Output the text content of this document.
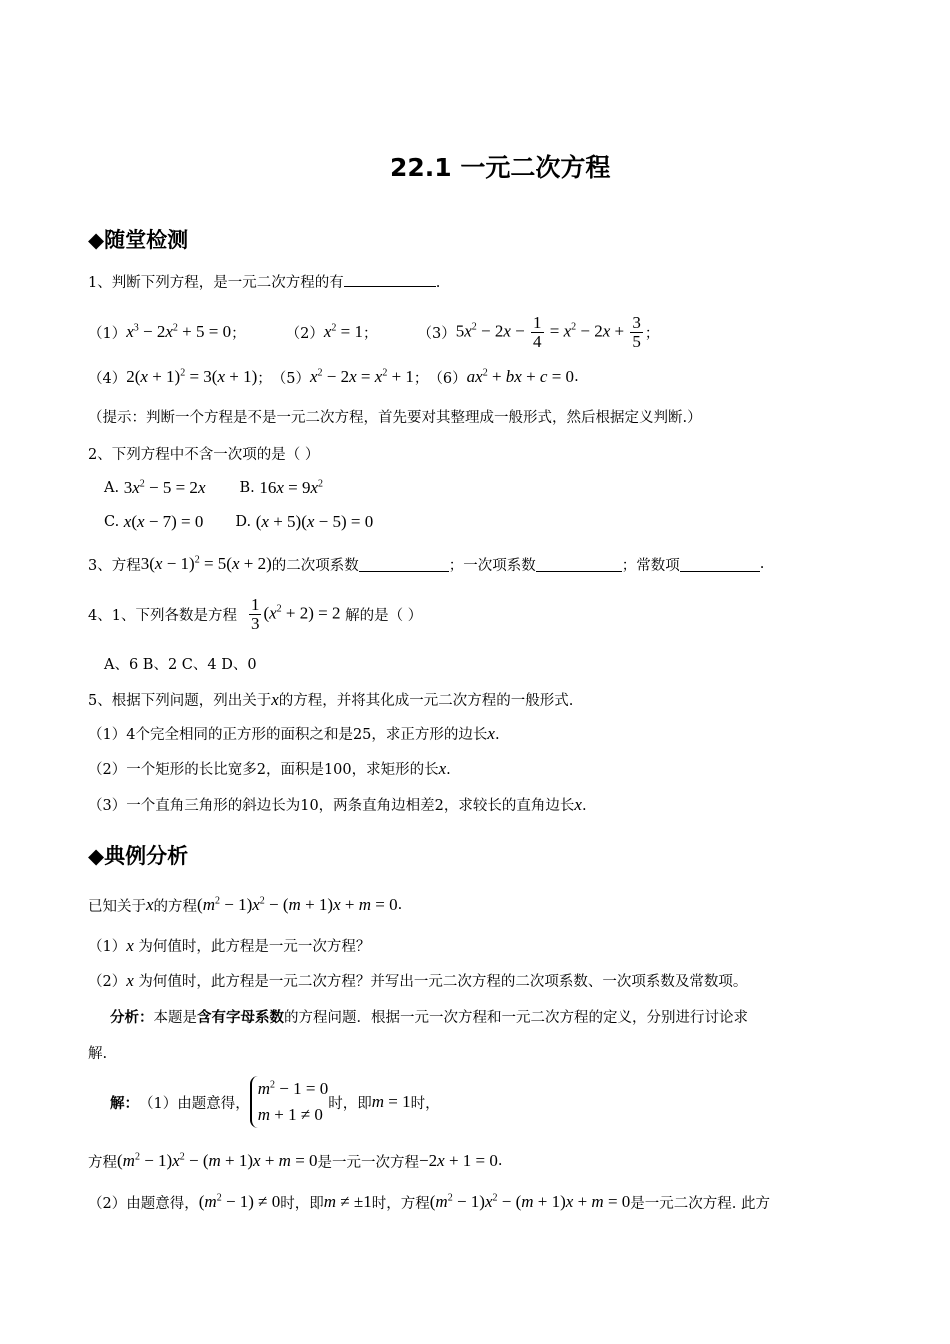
22.1 一元二次方程
◆随堂检测
1、判断下列方程，是一元二次方程的有	.
（1） $x^3 - 2x^2 + 5 = 0$ ；	（2） $x^2 = 1$ ；	（3） $5x^2 - 2x - \frac{1}{4} = x^2 - 2x + \frac{3}{5}$ ；
（4） $2(x + 1)^2 = 3(x + 1)$ ； （5） $x^2 - 2x = x^2 + 1$ ； （6） $ax^2$ + bx + c = 0 .
（提示：判断一个方程是不是一元二次方程，首先要对其整理成一般形式，然后根据定义判断.）
2、下列方程中不含一次项的是（ ）
A.
$3x^2 - 5 = 2x$ B.
$16x = 9x^2$
C.
x(x − 7) = 0 D.
(x + 5)(x − 5) = 0
3、方程 $3(x - 1)^2 = 5(x + 2)$ 的二次项系数	；一次项系数	；常数项	.
4、1、下列各数是方程 $\frac{1}{3} (x^2 + 2) = 2$
解的是（ ）
A、6 B、2 C、4 D、0
5、根据下列问题，列出关于x的方程，并将其化成一元二次方程的一般形式.
（1）4个完全相同的正方形的面积之和是25，求正方形的边长x.
（2）一个矩形的长比宽多2，面积是100，求矩形的长x.
（3）一个直角三角形的斜边长为10，两条直角边相差2，求较长的直角边长x.
◆典例分析
已知关于 x 的方程 $(m^2 - 1)x^2 - (m + 1)x + m = 0$ .
（1）x 为何值时，此方程是一元一次方程？
（2）x 为何值时，此方程是一元二次方程？并写出一元二次方程的二次项系数、一次项系数及常数项。
分析：本题是含有字母系数的方程问题．根据一元一次方程和一元二次方程的定义，分别进行讨论求
解.
解： （1）由题意得，
$m^2 - 1 = 0$
m + 1 ≠ 0
时，即 m = 1 时，
方程 $(m^2 - 1)x^2 - (m + 1)x + m = 0$ 是一元一次方程 −2x + 1 = 0 .
（2）由题意得， $(m^2 - 1) \ne 0$ 时，即 m ≠ ±1 时，方程 $(m^2 - 1)x^2 - (m + 1)x + m = 0$ 是一元二次方程. 此方
